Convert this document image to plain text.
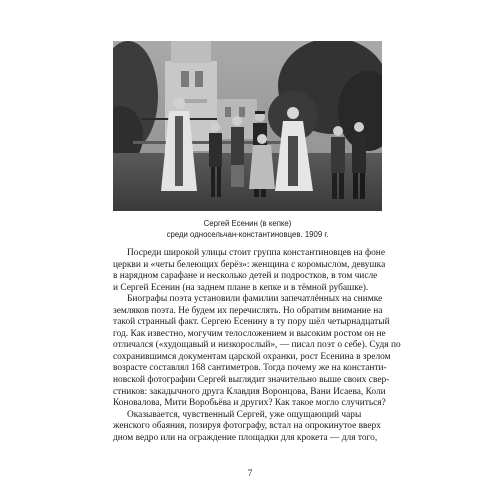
Сергей Есенин (в кепке)
среди односельчан-константиновцев. 1909 г.
Посреди широкой улицы стоит группа константиновцев на фоне
церкви и «четы белеющих берёз»: женщина с коромыслом, девушка
в нарядном сарафане и несколько детей и подростков, в том числе
и Сергей Есенин (на заднем плане в кепке и в тёмной рубашке).
Биографы поэта установили фамилии запечатлённых на снимке
земляков поэта. Не будем их перечислять. Но обратим внимание на
такой странный факт. Сергею Есенину в ту пору шёл четырнадцатый
год. Как известно, могучим телосложением и высоким ростом он не
отличался («худощавый и низкорослый», — писал поэт о себе). Судя по
сохранившимся документам царской охранки, рост Есенина в зрелом
возрасте составлял 168 сантиметров. Тогда почему же на константи-
новской фотографии Сергей выглядит значительно выше своих свер-
стников: закадычного друга Клавдия Воронцова, Вани Исаева, Коли
Коновалова, Мити Воробьёва и других? Как такое могло случиться?
Оказывается, чувственный Сергей, уже ощущающий чары
женского обаяния, позируя фотографу, встал на опрокинутое вверх
дном ведро или на ограждение площадки для крокета — для того,
7
